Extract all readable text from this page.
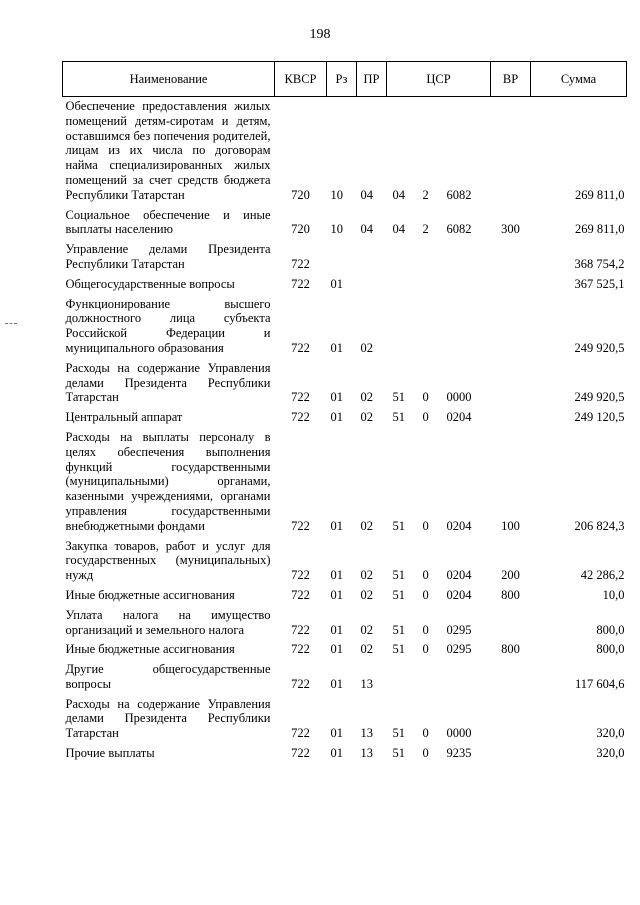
198
Наименование	КВСР	Рз	ПР	ЦСР			ВР	Сумма
Обеспечение предоставления жилых помещений детям-сиротам и детям, оставшимся без попечения родителей, лицам из их числа по договорам найма специализированных жилых помещений за счет средств бюджета Республики Татарстан	720	10	04	04	2	6082		269 811,0
Социальное обеспечение и иные выплаты населению	720	10	04	04	2	6082	300	269 811,0
Управление делами Президента Республики Татарстан	722							368 754,2
Общегосударственные вопросы	722	01						367 525,1
Функционирование высшего должностного лица субъекта Российской Федерации и муниципального образования	722	01	02					249 920,5
Расходы на содержание Управления делами Президента Республики Татарстан	722	01	02	51	0	0000		249 920,5
Центральный аппарат	722	01	02	51	0	0204		249 120,5
Расходы на выплаты персоналу в целях обеспечения выполнения функций государственными (муниципальными) органами, казенными учреждениями, органами управления государственными внебюджетными фондами	722	01	02	51	0	0204	100	206 824,3
Закупка товаров, работ и услуг для государственных (муниципальных) нужд	722	01	02	51	0	0204	200	42 286,2
Иные бюджетные ассигнования	722	01	02	51	0	0204	800	10,0
Уплата налога на имущество организаций и земельного налога	722	01	02	51	0	0295		800,0
Иные бюджетные ассигнования	722	01	02	51	0	0295	800	800,0
Другие общегосударственные вопросы	722	01	13					117 604,6
Расходы на содержание Управления делами Президента Республики Татарстан	722	01	13	51	0	0000		320,0
Прочие выплаты	722	01	13	51	0	9235		320,0
